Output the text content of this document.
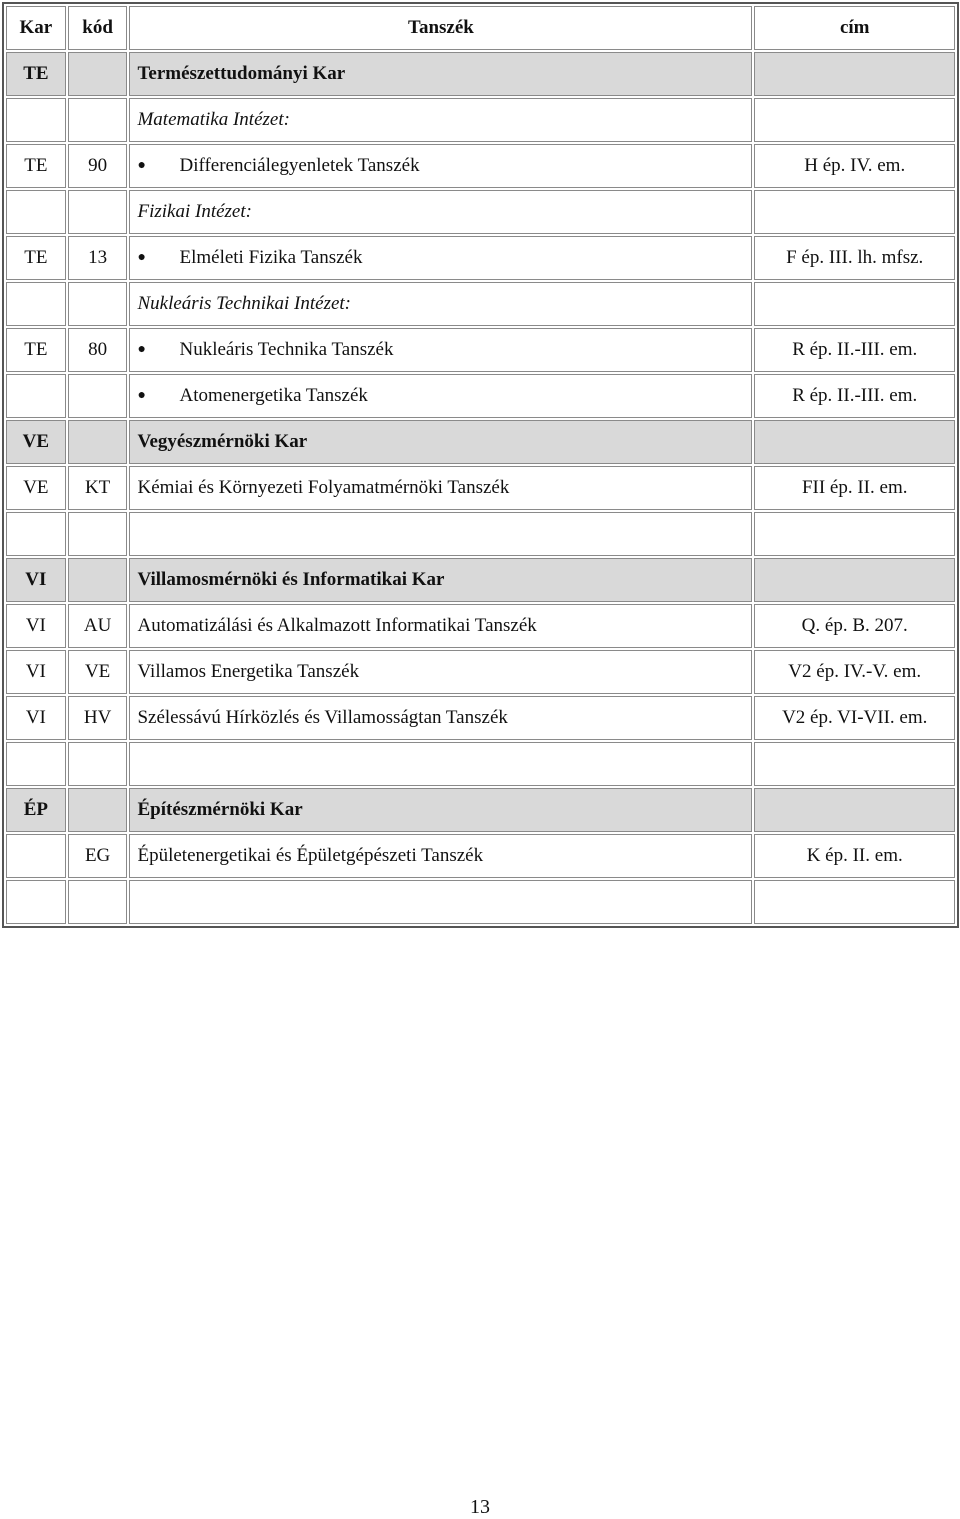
Kar	kód	Tanszék	cím
TE		Természettudományi Kar	
		Matematika Intézet:	
TE	90	● Differenciálegyenletek Tanszék	H ép. IV. em.
		Fizikai Intézet:	
TE	13	● Elméleti Fizika Tanszék	F ép. III. lh. mfsz.
		Nukleáris Technikai Intézet:	
TE	80	● Nukleáris Technika Tanszék	R ép. II.-III. em.
		● Atomenergetika Tanszék	R ép. II.-III. em.
VE		Vegyészmérnöki Kar	
VE	KT	Kémiai és Környezeti Folyamatmérnöki Tanszék	FII ép. II. em.

VI		Villamosmérnöki és Informatikai Kar	
VI	AU	Automatizálási és Alkalmazott Informatikai Tanszék	Q. ép. B. 207.
VI	VE	Villamos Energetika Tanszék	V2 ép. IV.-V. em.
VI	HV	Szélessávú Hírközlés és Villamosságtan Tanszék	V2 ép. VI-VII. em.

ÉP		Építészmérnöki Kar	
	EG	Épületenergetikai és Épületgépészeti Tanszék	K ép. II. em.

13
